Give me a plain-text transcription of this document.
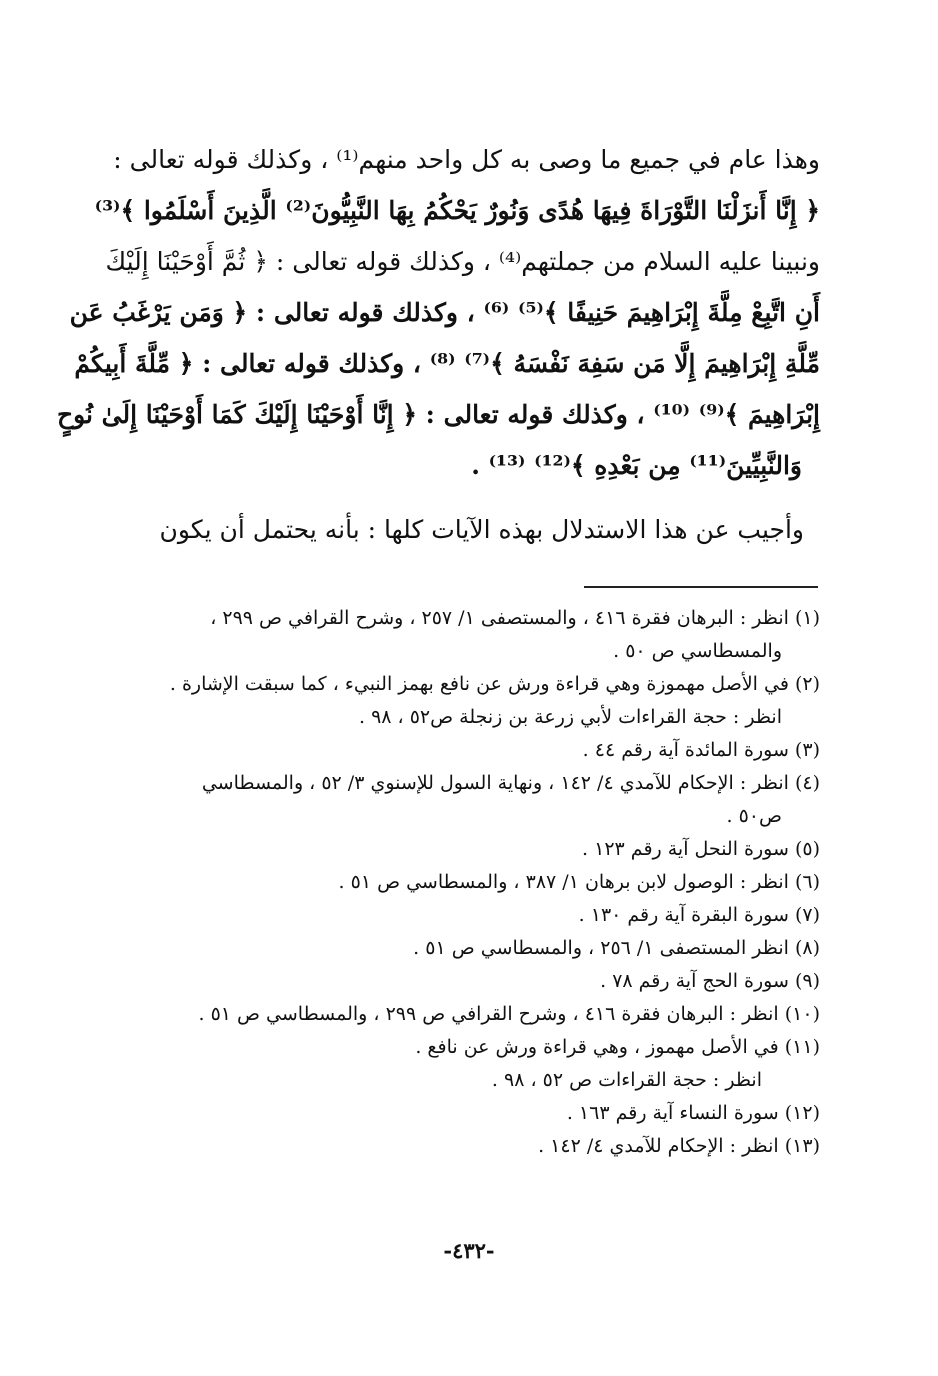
وهذا عام في جميع ما وصى به كل واحد منهم⁽¹⁾ ، وكذلك قوله تعالى :
﴿ إِنَّا أَنزَلْنَا التَّوْرَاةَ فِيهَا هُدًى وَنُورٌ يَحْكُمُ بِهَا النَّبِيُّونَ⁽²⁾ الَّذِينَ أَسْلَمُوا ﴾⁽³⁾
ونبينا عليه السلام من جملتهم⁽⁴⁾ ، وكذلك قوله تعالى : ﴿ ثُمَّ أَوْحَيْنَا إِلَيْكَ
أَنِ اتَّبِعْ مِلَّةَ إِبْرَاهِيمَ حَنِيفًا ﴾⁽⁵⁾ ⁽⁶⁾ ، وكذلك قوله تعالى : ﴿ وَمَن يَرْغَبُ عَن
مِّلَّةِ إِبْرَاهِيمَ إِلَّا مَن سَفِهَ نَفْسَهُ ﴾⁽⁷⁾ ⁽⁸⁾ ، وكذلك قوله تعالى : ﴿ مِّلَّةَ أَبِيكُمْ
إِبْرَاهِيمَ ﴾⁽⁹⁾ ⁽¹⁰⁾ ، وكذلك قوله تعالى : ﴿ إِنَّا أَوْحَيْنَا إِلَيْكَ كَمَا أَوْحَيْنَا إِلَىٰ نُوحٍ
وَالنَّبِيِّينَ⁽¹¹⁾ مِن بَعْدِهِ ﴾⁽¹²⁾ ⁽¹³⁾ .
وأجيب عن هذا الاستدلال بهذه الآيات كلها : بأنه يحتمل أن يكون
(١) انظر : البرهان فقرة ٤١٦ ، والمستصفى ١/ ٢٥٧ ، وشرح القرافي ص ٢٩٩ ،
والمسطاسي ص ٥٠ .
(٢) في الأصل مهموزة وهي قراءة ورش عن نافع بهمز النبيء ، كما سبقت الإشارة .
انظر : حجة القراءات لأبي زرعة بن زنجلة ص٥٢ ، ٩٨ .
(٣) سورة المائدة آية رقم ٤٤ .
(٤) انظر : الإحكام للآمدي ٤/ ١٤٢ ، ونهاية السول للإسنوي ٣/ ٥٢ ، والمسطاسي
ص٥٠ .
(٥) سورة النحل آية رقم ١٢٣ .
(٦) انظر : الوصول لابن برهان ١/ ٣٨٧ ، والمسطاسي ص ٥١ .
(٧) سورة البقرة آية رقم ١٣٠ .
(٨) انظر المستصفى ١/ ٢٥٦ ، والمسطاسي ص ٥١ .
(٩) سورة الحج آية رقم ٧٨ .
(١٠) انظر : البرهان فقرة ٤١٦ ، وشرح القرافي ص ٢٩٩ ، والمسطاسي ص ٥١ .
(١١) في الأصل مهموز ، وهي قراءة ورش عن نافع .
انظر : حجة القراءات ص ٥٢ ، ٩٨ .
(١٢) سورة النساء آية رقم ١٦٣ .
(١٣) انظر : الإحكام للآمدي ٤/ ١٤٢ .
-٤٣٢-
